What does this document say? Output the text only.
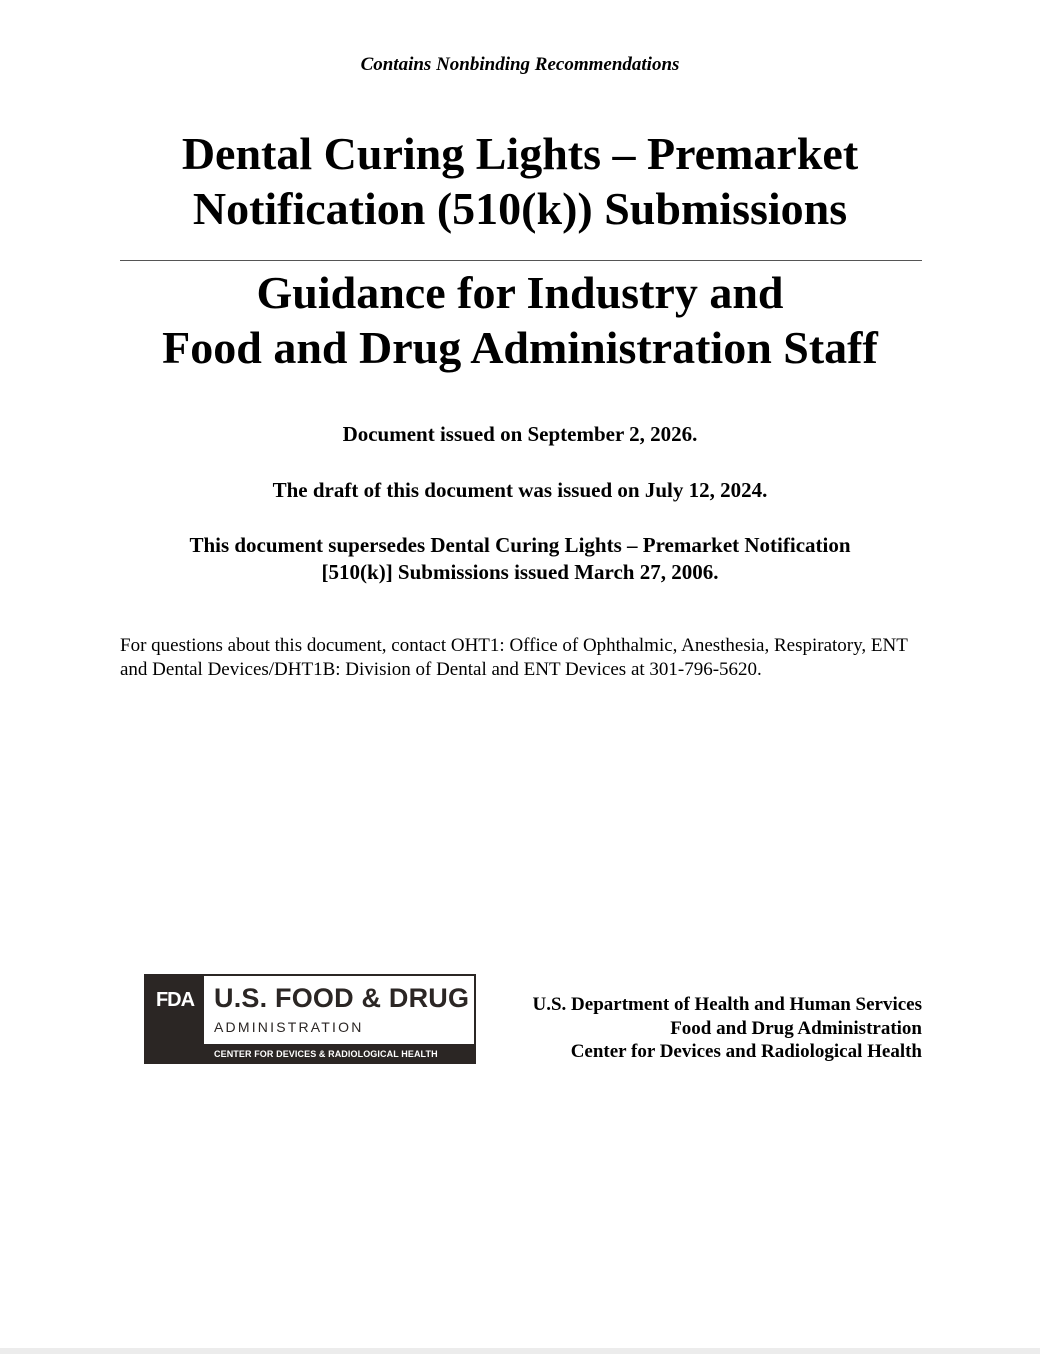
Contains Nonbinding Recommendations
Dental Curing Lights – Premarket
Notification (510(k)) Submissions
Guidance for Industry and
Food and Drug Administration Staff
Document issued on September 2, 2026.
The draft of this document was issued on July 12, 2024.
This document supersedes Dental Curing Lights – Premarket Notification
[510(k)] Submissions issued March 27, 2006.
For questions about this document, contact OHT1: Office of Ophthalmic, Anesthesia, Respiratory, ENT and Dental Devices/DHT1B: Division of Dental and ENT Devices at 301-796-5620.
FDA U.S. FOOD & DRUG
ADMINISTRATION
CENTER FOR DEVICES & RADIOLOGICAL HEALTH
U.S. Department of Health and Human Services
Food and Drug Administration
Center for Devices and Radiological Health
